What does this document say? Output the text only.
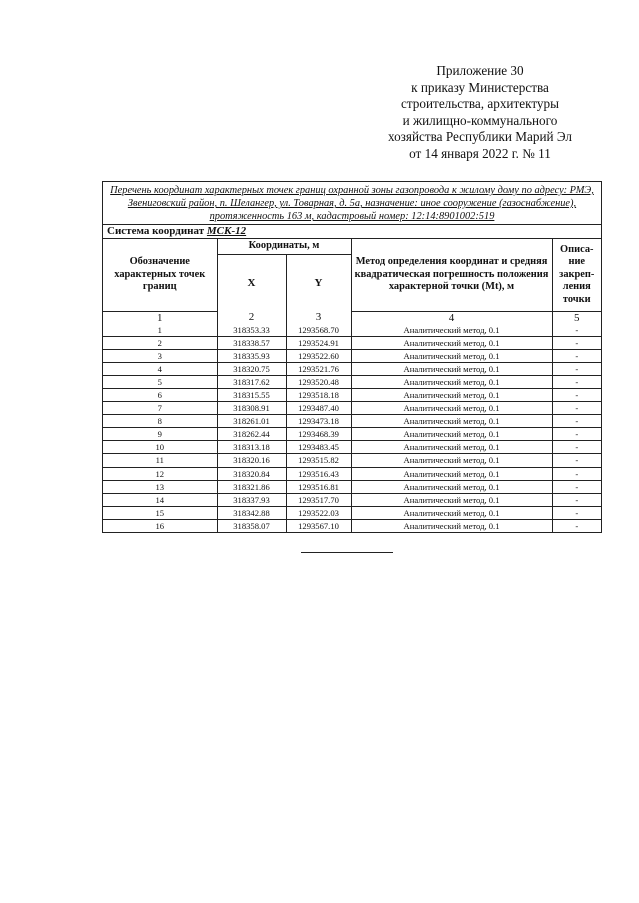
Приложение 30
к приказу Министерства
строительства, архитектуры
и жилищно-коммунального
хозяйства Республики Марий Эл
от 14 января 2022 г. № 11
Перечень координат характерных точек границ охранной зоны газопровода к жилому дому по адресу: РМЭ, Звениговский район, п. Шелангер, ул. Товарная, д. 5а, назначение: иное сооружение (газоснабжение), протяженность 163 м, кадастровый номер: 12:14:8901002:519
Система координат МСК-12
Обозначение характерных точек границ	Координаты, м		Метод определения координат и средняя квадратическая погрешность положения характерной точки (Mt), м	Описа-ние закреп-ления точки
	X	Y		
1	2	3	4	5
1	318353.33	1293568.70	Аналитический метод, 0.1	-
2	318338.57	1293524.91	Аналитический метод, 0.1	-
3	318335.93	1293522.60	Аналитический метод, 0.1	-
4	318320.75	1293521.76	Аналитический метод, 0.1	-
5	318317.62	1293520.48	Аналитический метод, 0.1	-
6	318315.55	1293518.18	Аналитический метод, 0.1	-
7	318308.91	1293487.40	Аналитический метод, 0.1	-
8	318261.01	1293473.18	Аналитический метод, 0.1	-
9	318262.44	1293468.39	Аналитический метод, 0.1	-
10	318313.18	1293483.45	Аналитический метод, 0.1	-
11	318320.16	1293515.82	Аналитический метод, 0.1	-
12	318320.84	1293516.43	Аналитический метод, 0.1	-
13	318321.86	1293516.81	Аналитический метод, 0.1	-
14	318337.93	1293517.70	Аналитический метод, 0.1	-
15	318342.88	1293522.03	Аналитический метод, 0.1	-
16	318358.07	1293567.10	Аналитический метод, 0.1	-
